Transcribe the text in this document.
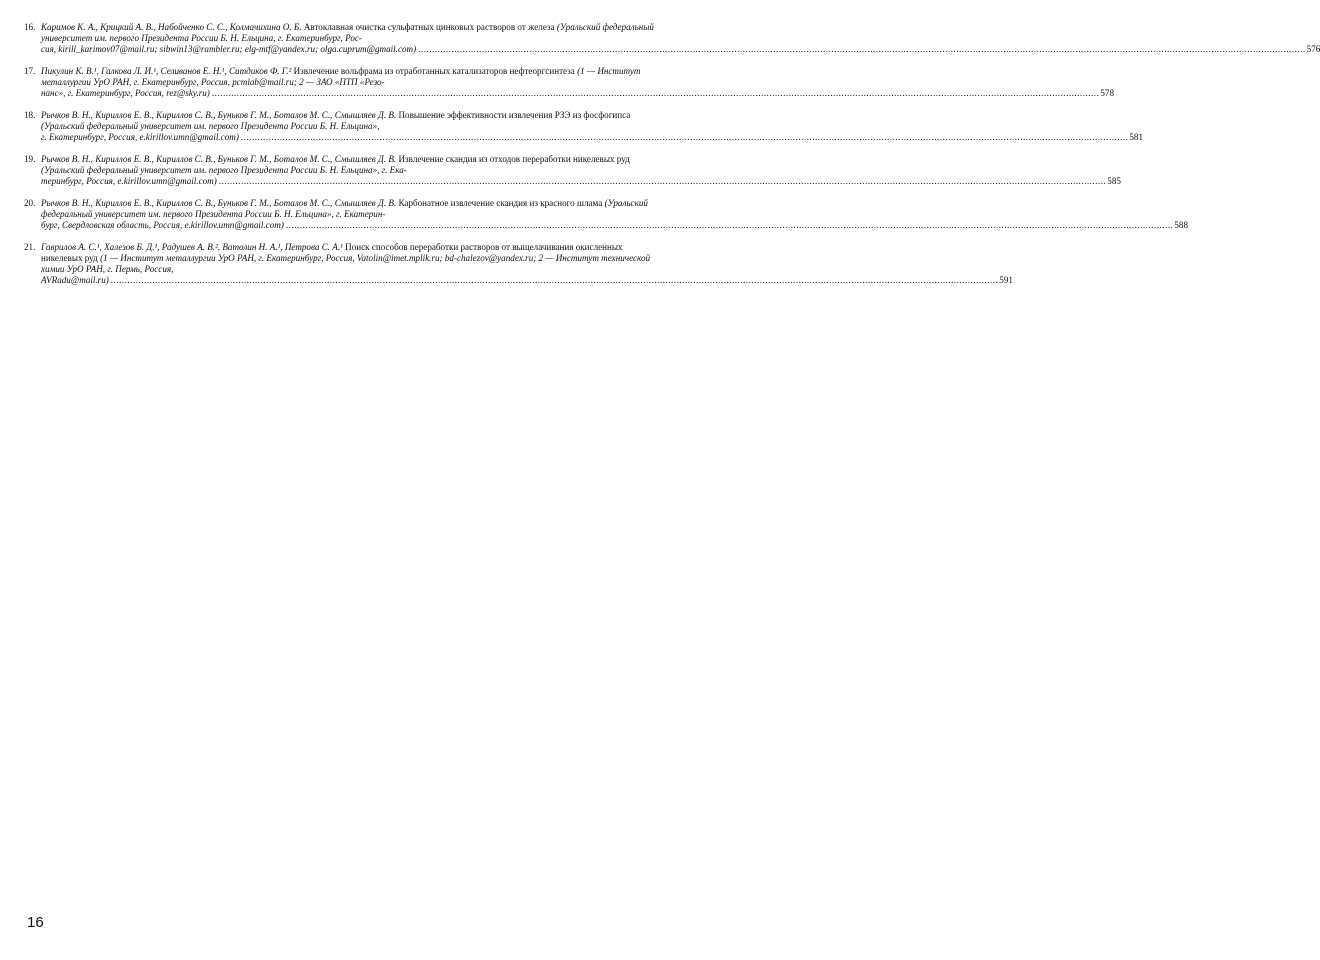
16. Каримов К. А., Крицкий А. В., Набойченко С. С., Колмачихина О. Б. Автоклавная очистка сульфатных цинковых растворов от железа (Уральский федеральный университет им. первого Президента России Б. Н. Ельцина, г. Екатеринбург, Рос-
сия, kirill_karimov07@mail.ru; sibwin13@rambler.ru; elg-mtf@yandex.ru; olga.cuprum@gmail.com) .....	576
17. Пикулин К. В.¹, Галкова Л. И.¹, Селиванов Е. Н.¹, Ситдиков Ф. Г.² Извлечение вольфрама из отработанных катализаторов нефтеоргсинтеза (1 — Институт металлургии УрО РАН, г. Екатеринбург, Россия, pcmlab@mail.ru; 2 — ЗАО «ПТП «Резо-
нанс», г. Екатеринбург, Россия, rez@sky.ru) .....	578
18. Рычков В. Н., Кириллов Е. В., Кириллов С. В., Буньков Г. М., Боталов М. С., Смышляев Д. В. Повышение эффективности извлечения РЗЭ из фосфогипса (Уральский федеральный университет им. первого Президента России Б. Н. Ельцина»,
г. Екатеринбург, Россия, e.kirillov.umn@gmail.com) .....	581
19. Рычков В. Н., Кириллов Е. В., Кириллов С. В., Буньков Г. М., Боталов М. С., Смышляев Д. В. Извлечение скандия из отходов переработки никелевых руд (Уральский федеральный университет им. первого Президента России Б. Н. Ельцина», г. Ека-
теринбург, Россия, e.kirillov.umn@gmail.com) .....	585
20. Рычков В. Н., Кириллов Е. В., Кириллов С. В., Буньков Г. М., Боталов М. С., Смышляев Д. В. Карбонатное извлечение скандия из красного шлама (Уральский федеральный университет им. первого Президента России Б. Н. Ельцина», г. Екатерин-
бург, Свердловская область, Россия, e.kirillov.umn@gmail.com) .....	588
21. Гаврилов А. С.¹, Халезов Б. Д.¹, Радушев А. В.², Ватолин Н. А.¹, Петрова С. А.¹ Поиск способов переработки растворов от выщелачивания окисленных никелевых руд (1 — Институт металлургии УрО РАН, г. Екатеринбург, Россия, Vatolin@imet.mplik.ru; bd-chalezov@yandex.ru; 2 — Институт технической химии УрО РАН, г. Пермь, Россия,
AVRadu@mail.ru) .....	591
16
